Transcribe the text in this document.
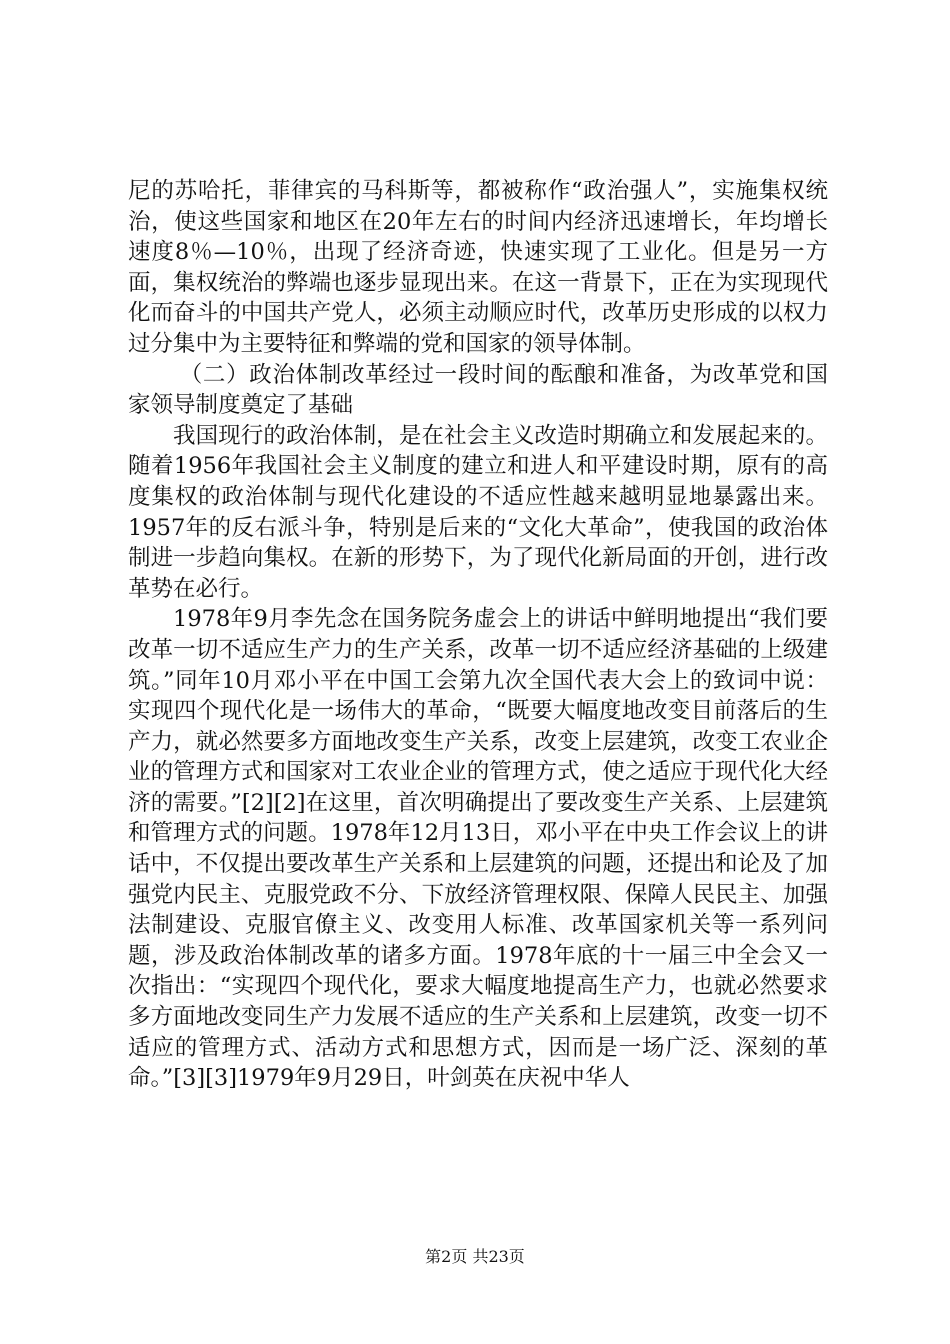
尼的苏哈托，菲律宾的马科斯等，都被称作“政治强人”，实施集权统治，使这些国家和地区在20年左右的时间内经济迅速增长，年均增长速度8％—10％，出现了经济奇迹，快速实现了工业化。但是另一方面，集权统治的弊端也逐步显现出来。在这一背景下，正在为实现现代化而奋斗的中国共产党人，必须主动顺应时代，改革历史形成的以权力过分集中为主要特征和弊端的党和国家的领导体制。

（二）政治体制改革经过一段时间的酝酿和准备，为改革党和国家领导制度奠定了基础

我国现行的政治体制，是在社会主义改造时期确立和发展起来的。随着1956年我国社会主义制度的建立和进人和平建设时期，原有的高度集权的政治体制与现代化建设的不适应性越来越明显地暴露出来。1957年的反右派斗争，特别是后来的“文化大革命”，使我国的政治体制进一步趋向集权。在新的形势下，为了现代化新局面的开创，进行改革势在必行。

1978年9月李先念在国务院务虚会上的讲话中鲜明地提出“我们要改革一切不适应生产力的生产关系，改革一切不适应经济基础的上级建筑。”同年10月邓小平在中国工会第九次全国代表大会上的致词中说：实现四个现代化是一场伟大的革命，“既要大幅度地改变目前落后的生产力，就必然要多方面地改变生产关系，改变上层建筑，改变工农业企业的管理方式和国家对工农业企业的管理方式，使之适应于现代化大经济的需要。”[2][2]在这里，首次明确提出了要改变生产关系、上层建筑和管理方式的问题。1978年12月13日，邓小平在中央工作会议上的讲话中，不仅提出要改革生产关系和上层建筑的问题，还提出和论及了加强党内民主、克服党政不分、下放经济管理权限、保障人民民主、加强法制建设、克服官僚主义、改变用人标准、改革国家机关等一系列问题，涉及政治体制改革的诸多方面。1978年底的十一届三中全会又一次指出：“实现四个现代化，要求大幅度地提高生产力，也就必然要求多方面地改变同生产力发展不适应的生产关系和上层建筑，改变一切不适应的管理方式、活动方式和思想方式，因而是一场广泛、深刻的革命。”[3][3]1979年9月29日，叶剑英在庆祝中华人

第2页 共23页
